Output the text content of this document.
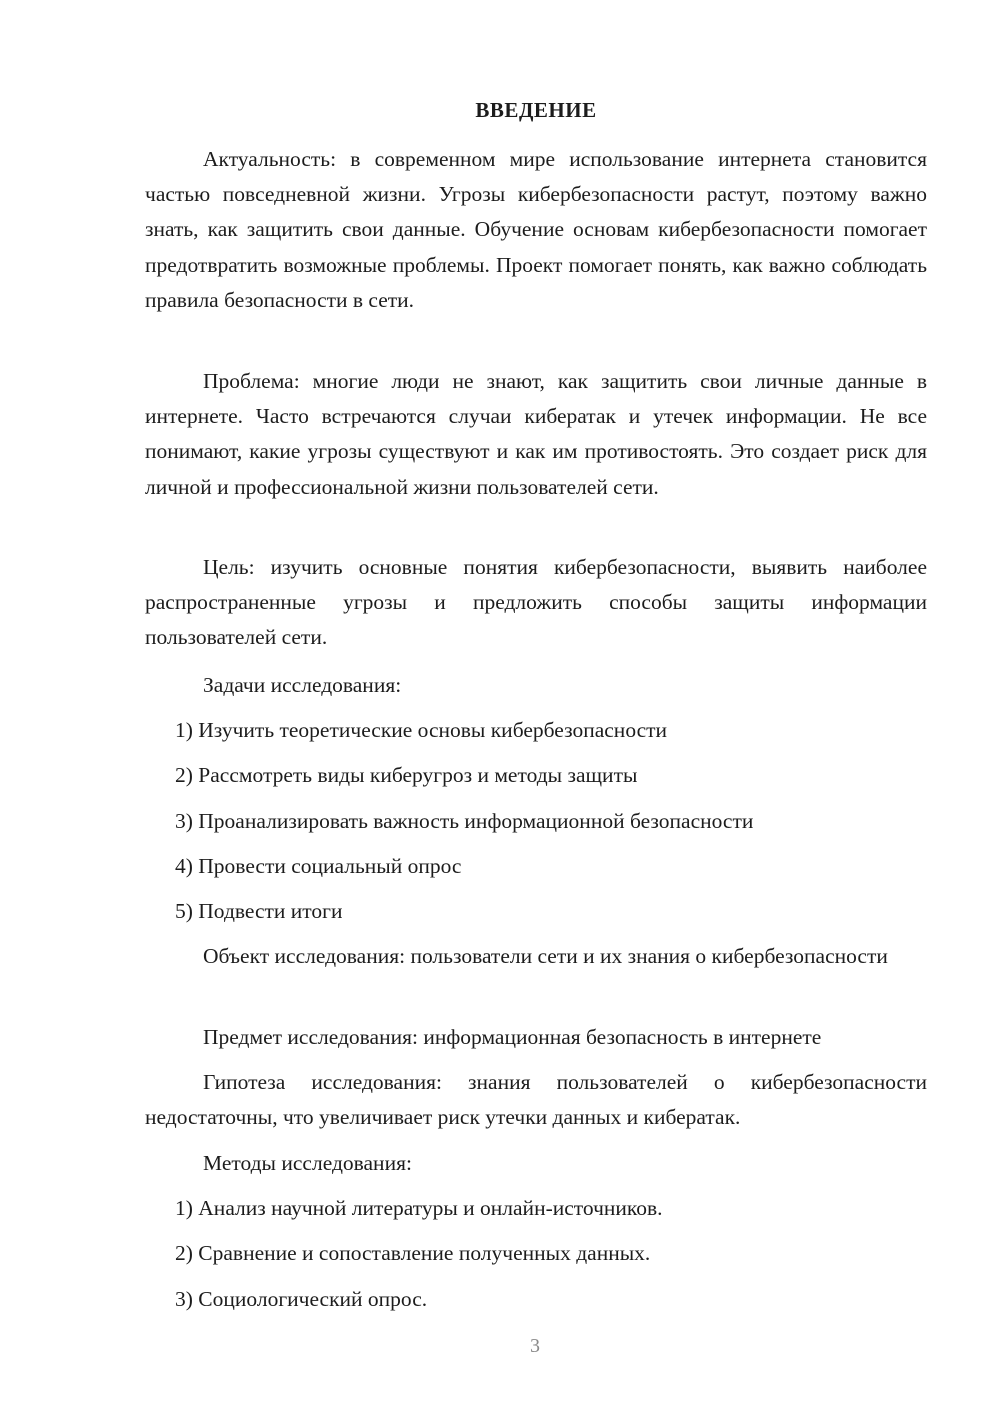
ВВЕДЕНИЕ

Актуальность: в современном мире использование интернета становится частью повседневной жизни. Угрозы кибербезопасности растут, поэтому важно знать, как защитить свои данные. Обучение основам кибербезопасности помогает предотвратить возможные проблемы. Проект помогает понять, как важно соблюдать правила безопасности в сети.

Проблема: многие люди не знают, как защитить свои личные данные в интернете. Часто встречаются случаи кибератак и утечек информации. Не все понимают, какие угрозы существуют и как им противостоять. Это создает риск для личной и профессиональной жизни пользователей сети.

Цель: изучить основные понятия кибербезопасности, выявить наиболее распространенные угрозы и предложить способы защиты информации пользователей сети.

Задачи исследования:

1) Изучить теоретические основы кибербезопасности

2) Рассмотреть виды киберугроз и методы защиты

3) Проанализировать важность информационной безопасности

4) Провести социальный опрос

5) Подвести итоги

Объект исследования: пользователи сети и их знания о кибербезопасности

Предмет исследования: информационная безопасность в интернете

Гипотеза исследования: знания пользователей о кибербезопасности недостаточны, что увеличивает риск утечки данных и кибератак.

Методы исследования:

1) Анализ научной литературы и онлайн-источников.

2) Сравнение и сопоставление полученных данных.

3) Социологический опрос.

3
